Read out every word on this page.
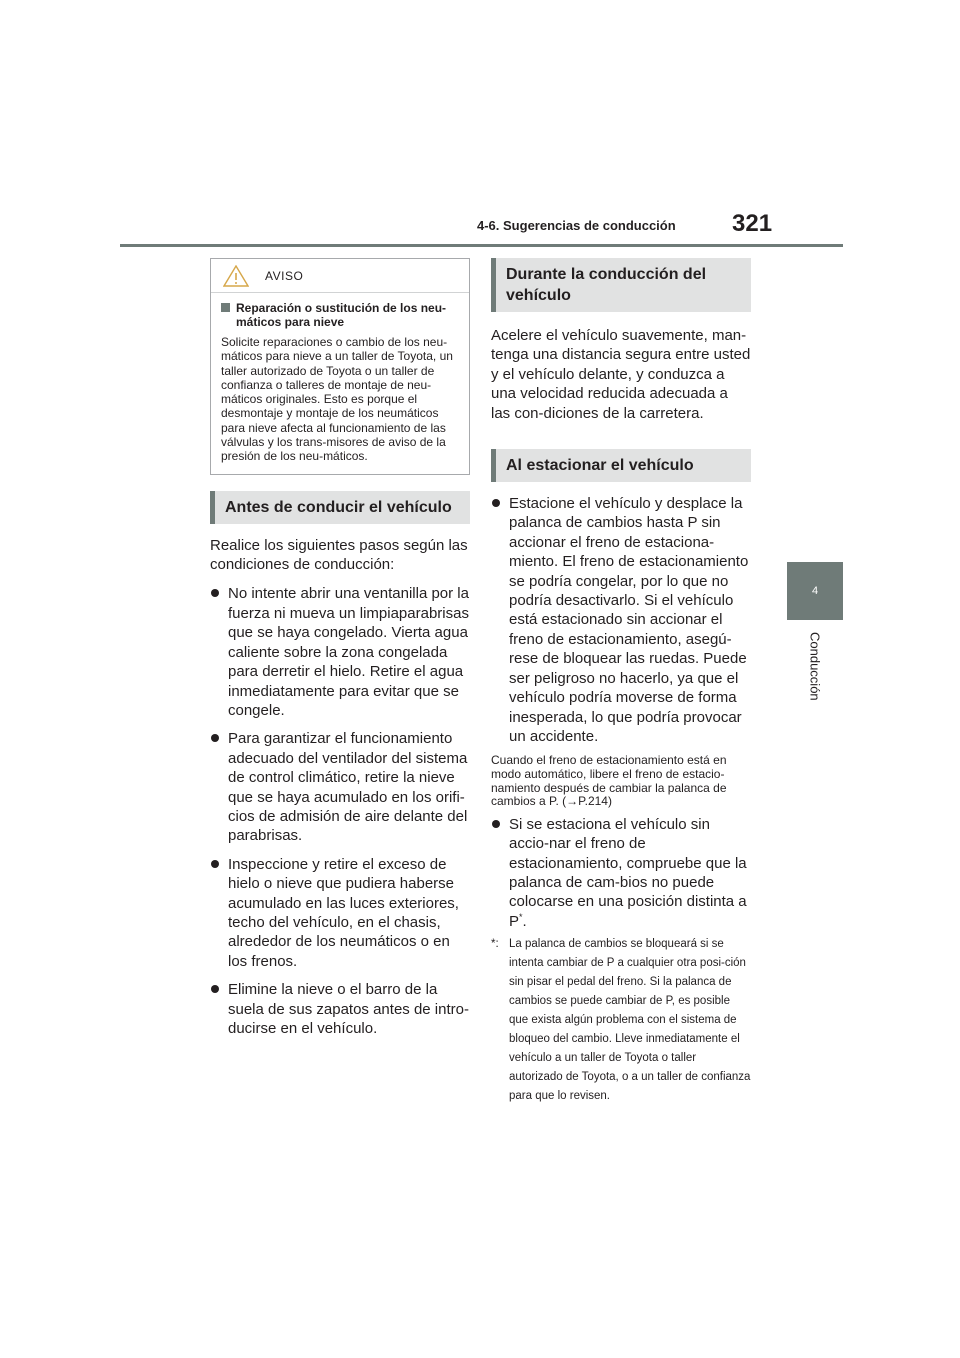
4-6. Sugerencias de conducción 321
4
Conducción
AVISO
Reparación o sustitución de los neu-máticos para nieve

Solicite reparaciones o cambio de los neu-máticos para nieve a un taller de Toyota, un taller autorizado de Toyota o un taller de confianza o talleres de montaje de neu-máticos originales. Esto es porque el desmontaje y montaje de los neumáticos para nieve afecta al funcionamiento de las válvulas y los trans-misores de aviso de la presión de los neu-máticos.

Antes de conducir el vehículo

Realice los siguientes pasos según las condiciones de conducción:

No intente abrir una ventanilla por la fuerza ni mueva un limpiaparabrisas que se haya congelado. Vierta agua caliente sobre la zona congelada para derretir el hielo. Retire el agua inmediatamente para evitar que se congele.
Para garantizar el funcionamiento adecuado del ventilador del sistema de control climático, retire la nieve que se haya acumulado en los orifi-cios de admisión de aire delante del parabrisas.
Inspeccione y retire el exceso de hielo o nieve que pudiera haberse acumulado en las luces exteriores, techo del vehículo, en el chasis, alrededor de los neumáticos o en los frenos.
Elimine la nieve o el barro de la suela de sus zapatos antes de intro-ducirse en el vehículo.
Durante la conducción del vehículo

Acelere el vehículo suavemente, man-tenga una distancia segura entre usted y el vehículo delante, y conduzca a una velocidad reducida adecuada a las con-diciones de la carretera.

Al estacionar el vehículo
Estacione el vehículo y desplace la palanca de cambios hasta P sin accionar el freno de estaciona-miento. El freno de estacionamiento se podría congelar, por lo que no podría desactivarlo. Si el vehículo está estacionado sin accionar el freno de estacionamiento, asegú-rese de bloquear las ruedas. Puede ser peligroso no hacerlo, ya que el vehículo podría moverse de forma inesperada, lo que podría provocar un accidente.

Cuando el freno de estacionamiento está en modo automático, libere el freno de estacio-namiento después de cambiar la palanca de cambios a P. (→P.214)

Si se estaciona el vehículo sin accio-nar el freno de estacionamiento, compruebe que la palanca de cam-bios no puede colocarse en una posición distinta a P*.
*: La palanca de cambios se bloqueará si se intenta cambiar de P a cualquier otra posi-ción sin pisar el pedal del freno. Si la palanca de cambios se puede cambiar de P, es posible que exista algún problema con el sistema de bloqueo del cambio. Lleve inmediatamente el vehículo a un taller de Toyota o taller autorizado de Toyota, o a un taller de confianza para que lo revisen.
